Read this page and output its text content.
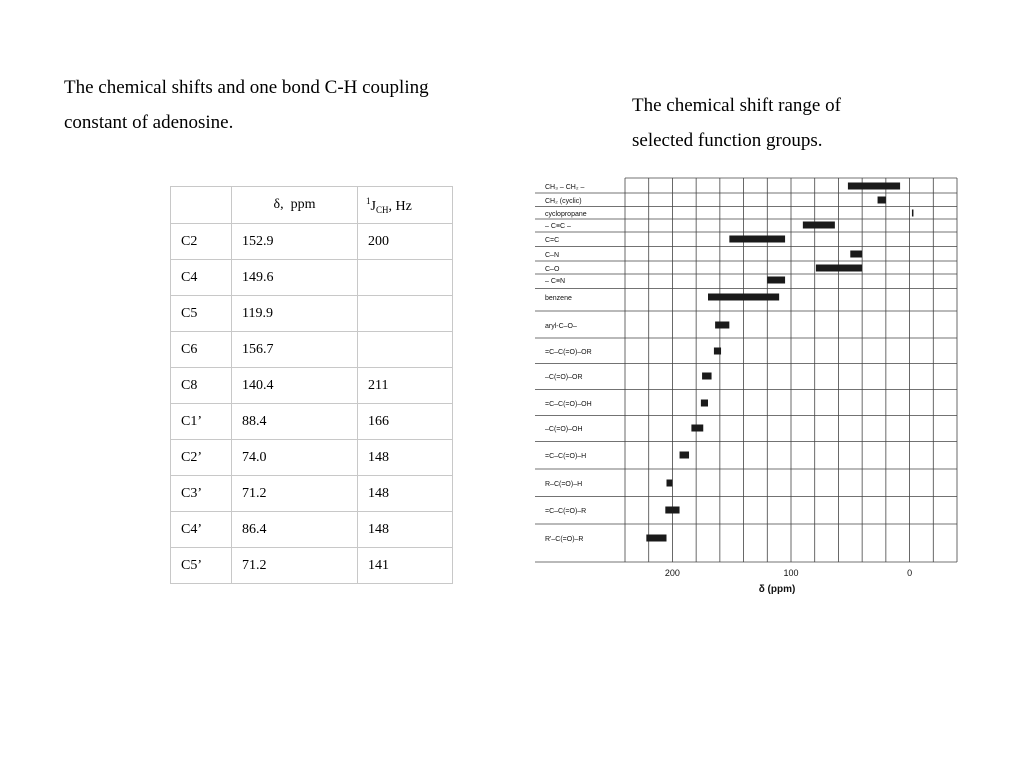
The chemical shifts and one bond C-H coupling
constant of adenosine.
The chemical shift range of
selected function groups.
	δ, ppm	$^1J_{CH}$, Hz
C2	152.9	200
C4	149.6	
C5	119.9	
C6	156.7	
C8	140.4	211
C1’	88.4	166
C2’	74.0	148
C3’	71.2	148
C4’	86.4	148
C5’	71.2	141
CH₃ – CH₂ –
CH₂ (cyclic)
cyclopropane
– C≡C –
C=C
C–N
C–O
– C≡N
benzene
aryl-C–O–
=C–C(=O)–OR
–C(=O)–OR
=C–C(=O)–OH
–C(=O)–OH
=C–C(=O)–H
R–C(=O)–H
=C–C(=O)–R
R'–C(=O)–R
200	100	0
δ (ppm)
